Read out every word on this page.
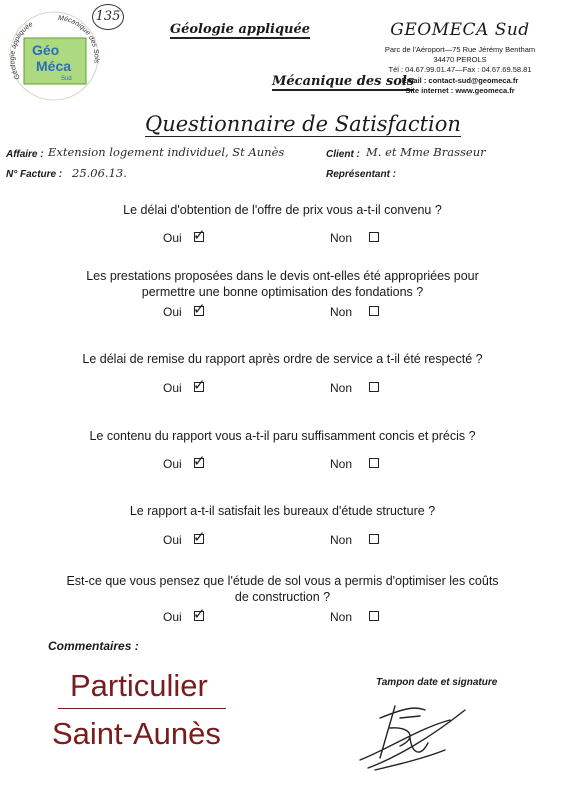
135
Géologie appliquée
Mécanique des Sols
Géo
Méca
Sud
Géologie appliquée
Mécanique des sols
GEOMECA Sud
Parc de l'Aéroport—75 Rue Jérémy Bentham
34470 PEROLS
Tél : 04.67.99.01.47—Fax : 04.67.69.58.81
Email : contact-sud@geomeca.fr
Site internet : www.geomeca.fr
Questionnaire de Satisfaction
Affaire : Extension logement individuel, St Aunès	Client : M. et Mme Brasseur
N° Facture : 25.06.13.	Représentant :
Le délai d'obtention de l'offre de prix vous a-t-il convenu ?
Oui ✓	Non
Les prestations proposées dans le devis ont-elles été appropriées pour permettre une bonne optimisation des fondations ?
Oui ✓	Non
Le délai de remise du rapport après ordre de service a t-il été respecté ?
Oui ✓	Non
Le contenu du rapport vous a-t-il paru suffisamment concis et précis ?
Oui ✓	Non
Le rapport a-t-il satisfait les bureaux d'étude structure ?
Oui ✓	Non
Est-ce que vous pensez que l'étude de sol vous a permis d'optimiser les coûts de construction ?
Oui ✓	Non
Commentaires :
Particulier
Saint-Aunès
Tampon date et signature
